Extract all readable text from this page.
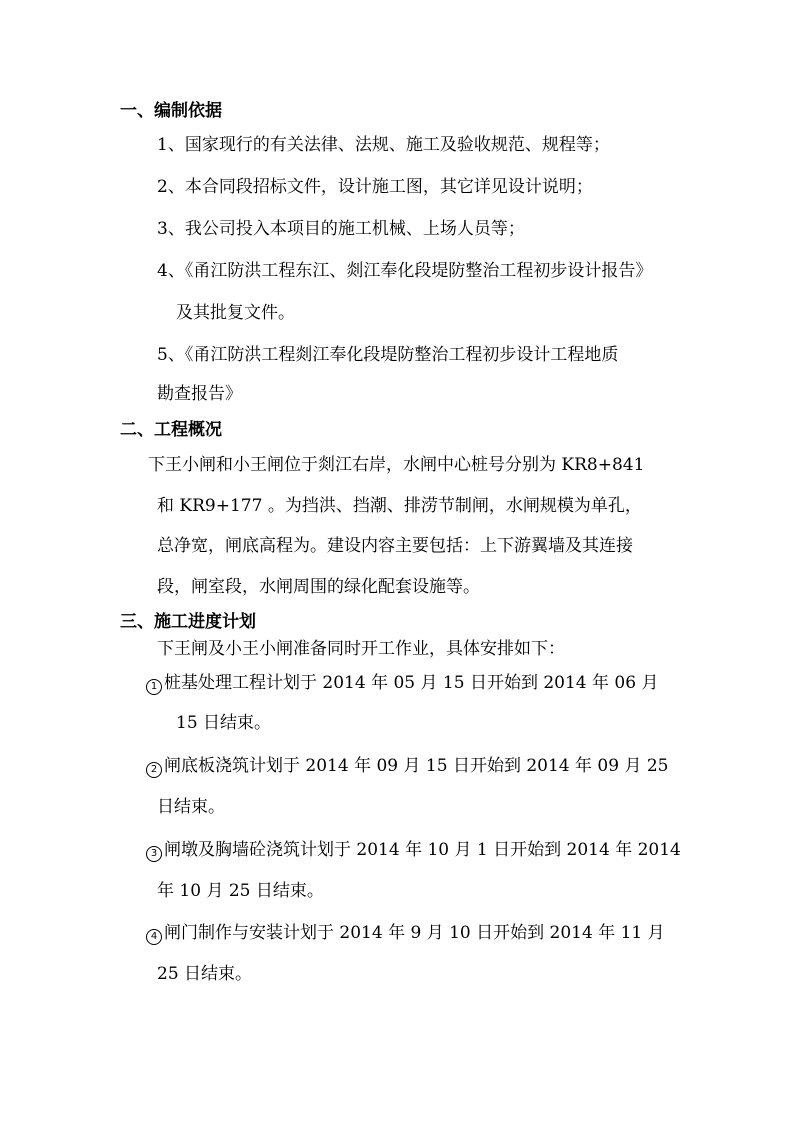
一、编制依据
1、国家现行的有关法律、法规、施工及验收规范、规程等；
2、本合同段招标文件，设计施工图，其它详见设计说明；
3、我公司投入本项目的施工机械、上场人员等；
4、《甬江防洪工程东江、剡江奉化段堤防整治工程初步设计报告》
及其批复文件。
5、《甬江防洪工程剡江奉化段堤防整治工程初步设计工程地质
勘查报告》
二、工程概况
下王小闸和小王闸位于剡江右岸，水闸中心桩号分别为 KR8+841
和 KR9+177 。为挡洪、挡潮、排涝节制闸，水闸规模为单孔，
总净宽，闸底高程为。建设内容主要包括：上下游翼墙及其连接
段，闸室段，水闸周围的绿化配套设施等。
三、施工进度计划
下王闸及小王小闸准备同时开工作业，具体安排如下：
1 桩基处理工程计划于 2014 年 05 月 15 日开始到 2014 年 06 月
15 日结束。
2 闸底板浇筑计划于 2014 年 09 月 15 日开始到 2014 年 09 月 25
日结束。
3 闸墩及胸墙砼浇筑计划于 2014 年 10 月 1 日开始到 2014 年 2014
年 10 月 25 日结束。
4 闸门制作与安装计划于 2014 年 9 月 10 日开始到 2014 年 11 月
25 日结束。
